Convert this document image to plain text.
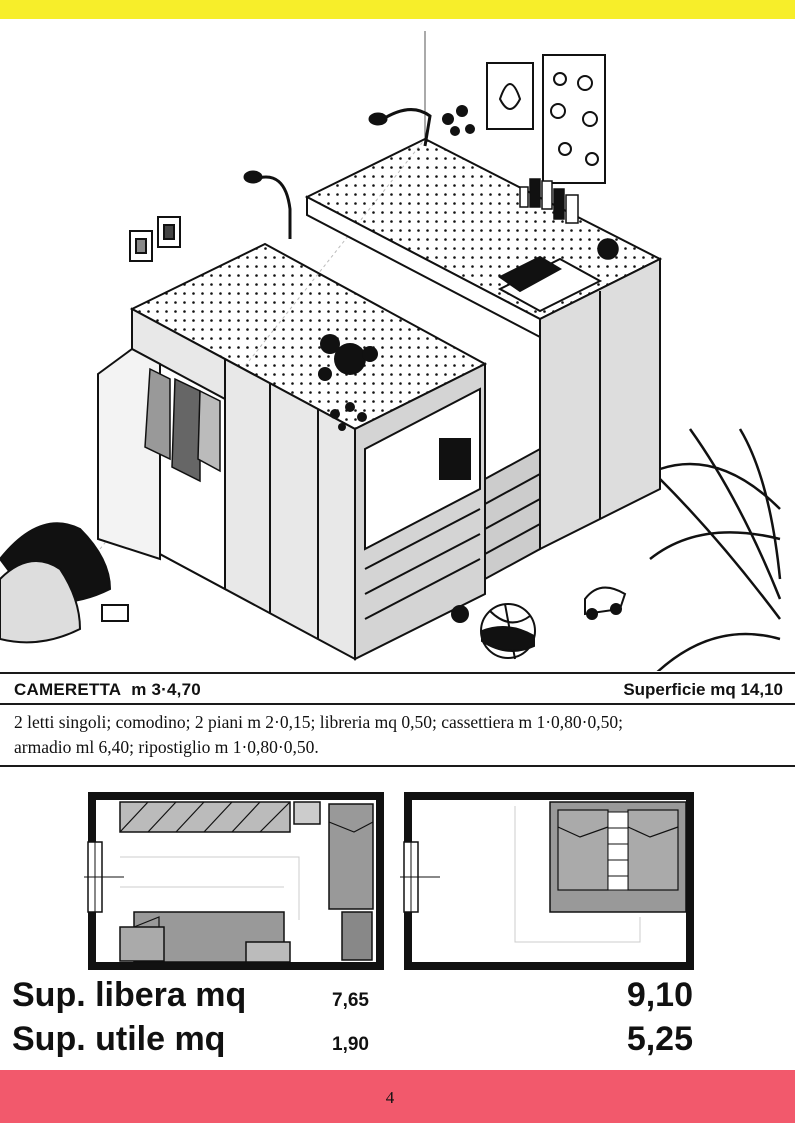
CAMERETTA m 3·4,70	Superficie mq 14,10
2 letti singoli; comodino; 2 piani m 2·0,15; libreria mq 0,50; cassettiera m 1·0,80·0,50;
armadio ml 6,40; ripostiglio m 1·0,80·0,50.
Sup. libera mq	7,65	9,10
Sup. utile mq	1,90	5,25
4
